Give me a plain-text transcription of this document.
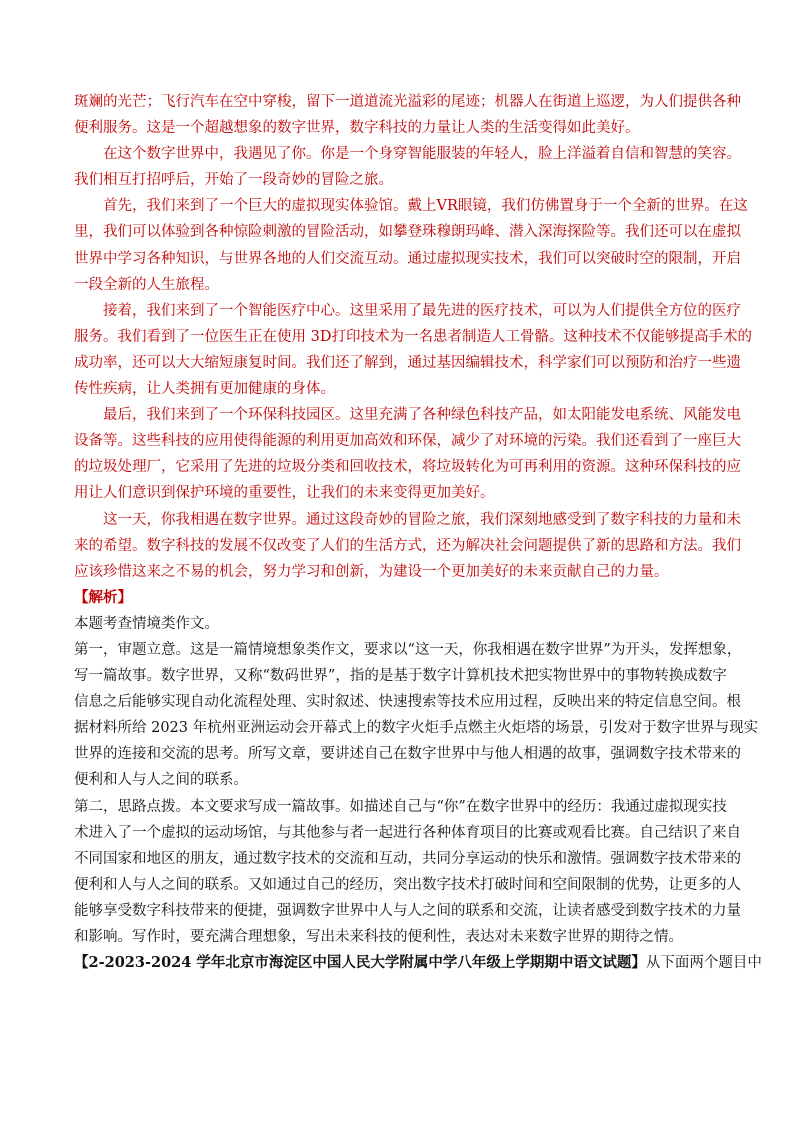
斑斓的光芒；飞行汽车在空中穿梭，留下一道道流光溢彩的尾迹；机器人在街道上巡逻，为人们提供各种
便利服务。这是一个超越想象的数字世界，数字科技的力量让人类的生活变得如此美好。
在这个数字世界中，我遇见了你。你是一个身穿智能服装的年轻人，脸上洋溢着自信和智慧的笑容。
我们相互打招呼后，开始了一段奇妙的冒险之旅。
首先，我们来到了一个巨大的虚拟现实体验馆。戴上VR眼镜，我们仿佛置身于一个全新的世界。在这
里，我们可以体验到各种惊险刺激的冒险活动，如攀登珠穆朗玛峰、潜入深海探险等。我们还可以在虚拟
世界中学习各种知识，与世界各地的人们交流互动。通过虚拟现实技术，我们可以突破时空的限制，开启
一段全新的人生旅程。
接着，我们来到了一个智能医疗中心。这里采用了最先进的医疗技术，可以为人们提供全方位的医疗
服务。我们看到了一位医生正在使用 3D打印技术为一名患者制造人工骨骼。这种技术不仅能够提高手术的
成功率，还可以大大缩短康复时间。我们还了解到，通过基因编辑技术，科学家们可以预防和治疗一些遗
传性疾病，让人类拥有更加健康的身体。
最后，我们来到了一个环保科技园区。这里充满了各种绿色科技产品，如太阳能发电系统、风能发电
设备等。这些科技的应用使得能源的利用更加高效和环保，减少了对环境的污染。我们还看到了一座巨大
的垃圾处理厂，它采用了先进的垃圾分类和回收技术，将垃圾转化为可再利用的资源。这种环保科技的应
用让人们意识到保护环境的重要性，让我们的未来变得更加美好。
这一天，你我相遇在数字世界。通过这段奇妙的冒险之旅，我们深刻地感受到了数字科技的力量和未
来的希望。数字科技的发展不仅改变了人们的生活方式，还为解决社会问题提供了新的思路和方法。我们
应该珍惜这来之不易的机会，努力学习和创新，为建设一个更加美好的未来贡献自己的力量。
【解析】
本题考查情境类作文。
第一，审题立意。这是一篇情境想象类作文，要求以“这一天，你我相遇在数字世界”为开头，发挥想象，
写一篇故事。数字世界，又称“数码世界”，指的是基于数字计算机技术把实物世界中的事物转换成数字
信息之后能够实现自动化流程处理、实时叙述、快速搜索等技术应用过程，反映出来的特定信息空间。根
据材料所给 2023 年杭州亚洲运动会开幕式上的数字火炬手点燃主火炬塔的场景，引发对于数字世界与现实
世界的连接和交流的思考。所写文章，要讲述自己在数字世界中与他人相遇的故事，强调数字技术带来的
便利和人与人之间的联系。
第二，思路点拨。本文要求写成一篇故事。如描述自己与“你”在数字世界中的经历：我通过虚拟现实技
术进入了一个虚拟的运动场馆，与其他参与者一起进行各种体育项目的比赛或观看比赛。自己结识了来自
不同国家和地区的朋友，通过数字技术的交流和互动，共同分享运动的快乐和激情。强调数字技术带来的
便利和人与人之间的联系。又如通过自己的经历，突出数字技术打破时间和空间限制的优势，让更多的人
能够享受数字科技带来的便捷，强调数字世界中人与人之间的联系和交流，让读者感受到数字技术的力量
和影响。写作时，要充满合理想象，写出未来科技的便利性，表达对未来数字世界的期待之情。
【2-2023-2024 学年北京市海淀区中国人民大学附属中学八年级上学期期中语文试题】从下面两个题目中
